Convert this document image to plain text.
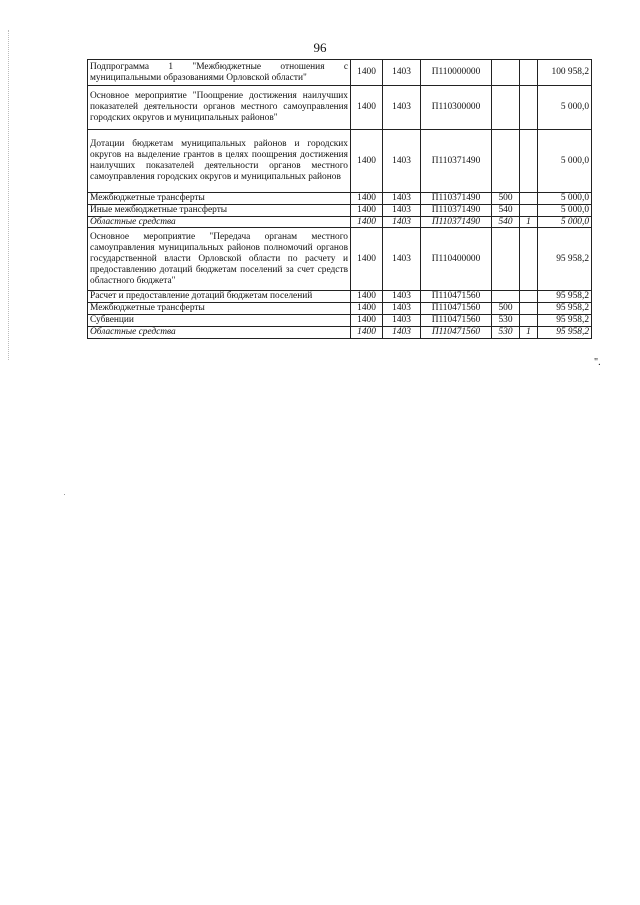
96
Подпрограмма 1 "Межбюджетные отношения с муниципальными образованиями Орловской области"	1400	1403	П110000000			100 958,2
Основное мероприятие "Поощрение достижения наилучших показателей деятельности органов местного самоуправления городских округов и муниципальных районов"	1400	1403	П110300000			5 000,0
Дотации бюджетам муниципальных районов и городских округов на выделение грантов в целях поощрения достижения наилучших показателей деятельности органов местного самоуправления городских округов и муниципальных районов	1400	1403	П110371490			5 000,0
Межбюджетные трансферты	1400	1403	П110371490	500		5 000,0
Иные межбюджетные трансферты	1400	1403	П110371490	540		5 000,0
Областные средства	1400	1403	П110371490	540	1	5 000,0
Основное мероприятие "Передача органам местного самоуправления муниципальных районов полномочий органов государственной власти Орловской области по расчету и предоставлению дотаций бюджетам поселений за счет средств областного бюджета"	1400	1403	П110400000			95 958,2
Расчет и предоставление дотаций бюджетам поселений	1400	1403	П110471560			95 958,2
Межбюджетные трансферты	1400	1403	П110471560	500		95 958,2
Субвенции	1400	1403	П110471560	530		95 958,2
Областные средства	1400	1403	П110471560	530	1	95 958,2
".
